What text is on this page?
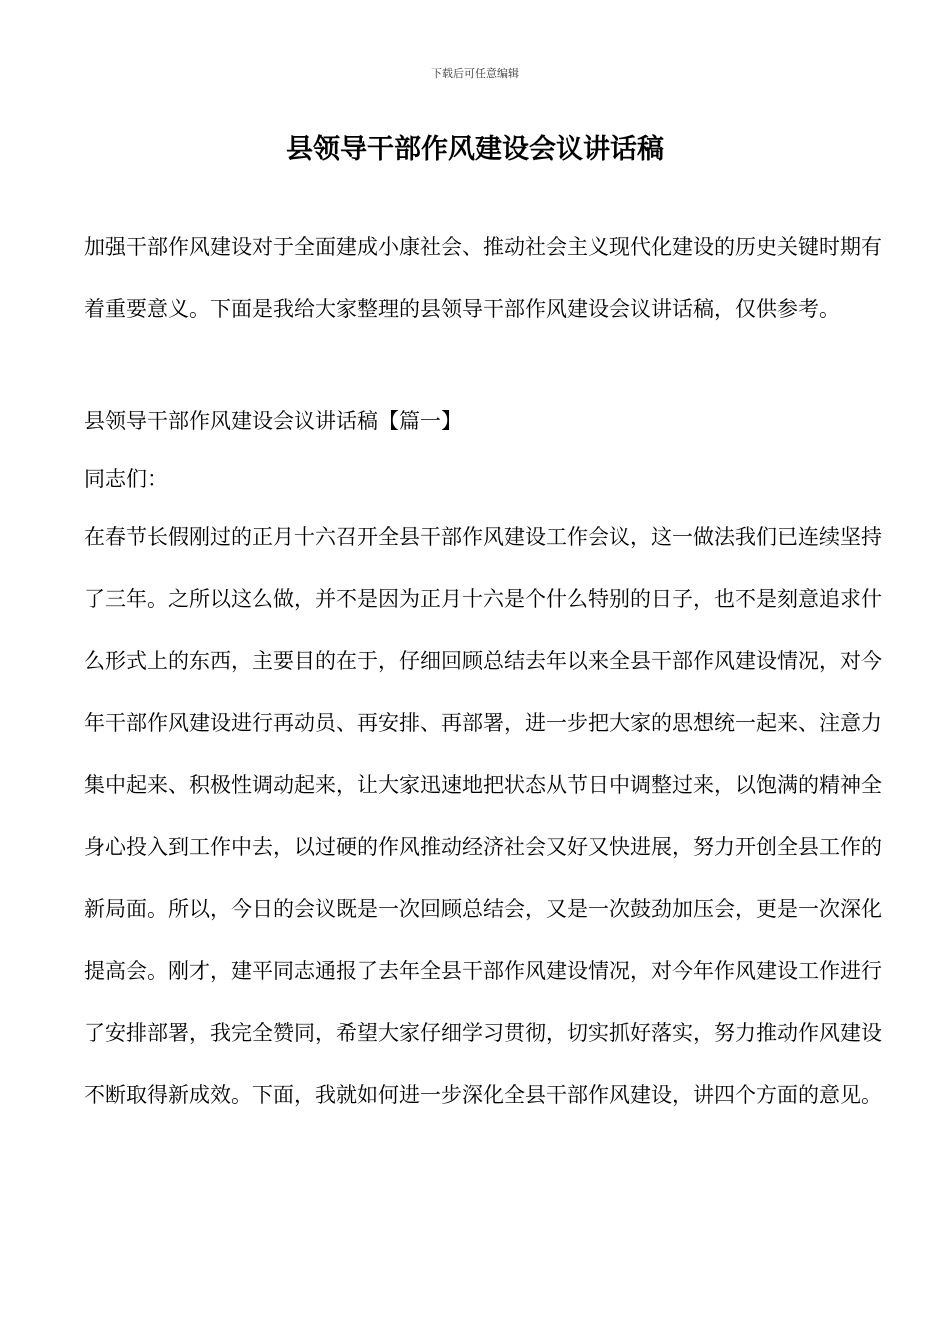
下载后可任意编辑
县领导干部作风建设会议讲话稿

加强干部作风建设对于全面建成小康社会、推动社会主义现代化建设的历史关键时期有着重要意义。下面是我给大家整理的县领导干部作风建设会议讲话稿，仅供参考。

县领导干部作风建设会议讲话稿【篇一】

同志们：

在春节长假刚过的正月十六召开全县干部作风建设工作会议，这一做法我们已连续坚持了三年。之所以这么做，并不是因为正月十六是个什么特别的日子，也不是刻意追求什么形式上的东西，主要目的在于，仔细回顾总结去年以来全县干部作风建设情况，对今年干部作风建设进行再动员、再安排、再部署，进一步把大家的思想统一起来、注意力集中起来、积极性调动起来，让大家迅速地把状态从节日中调整过来，以饱满的精神全身心投入到工作中去，以过硬的作风推动经济社会又好又快进展，努力开创全县工作的新局面。所以，今日的会议既是一次回顾总结会，又是一次鼓劲加压会，更是一次深化提高会。刚才，建平同志通报了去年全县干部作风建设情况，对今年作风建设工作进行了安排部署，我完全赞同，希望大家仔细学习贯彻，切实抓好落实，努力推动作风建设不断取得新成效。下面，我就如何进一步深化全县干部作风建设，讲四个方面的意见。
